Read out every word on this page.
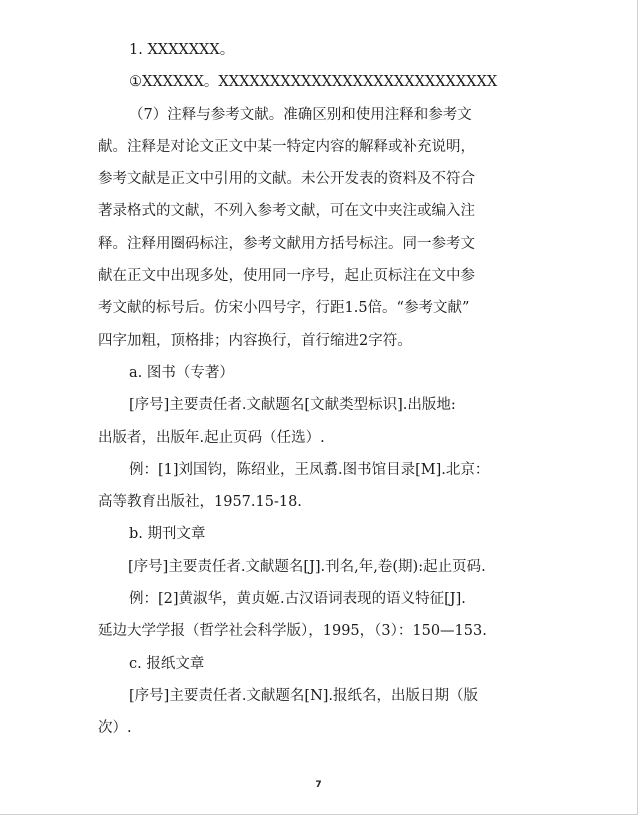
1. XXXXXXX。
①XXXXXX。XXXXXXXXXXXXXXXXXXXXXXXXXXX
（7）注释与参考文献。准确区别和使用注释和参考文
献。注释是对论文正文中某一特定内容的解释或补充说明，
参考文献是正文中引用的文献。未公开发表的资料及不符合
著录格式的文献，不列入参考文献，可在文中夹注或编入注
释。注释用圈码标注，参考文献用方括号标注。同一参考文
献在正文中出现多处，使用同一序号，起止页标注在文中参
考文献的标号后。仿宋小四号字，行距1.5倍。“参考文献”
四字加粗，顶格排；内容换行，首行缩进2字符。
a. 图书（专著）
[序号]主要责任者.文献题名[文献类型标识].出版地:
出版者，出版年.起止页码（任选）.
例：[1]刘国钧，陈绍业，王凤翥.图书馆目录[M].北京：
高等教育出版社，1957.15-18.
b. 期刊文章
[序号]主要责任者.文献题名[J].刊名,年,卷(期):起止页码.
例：[2]黄淑华，黄贞姬.古汉语词表现的语义特征[J].
延边大学学报（哲学社会科学版），1995，（3）：150—153.
c. 报纸文章
[序号]主要责任者.文献题名[N].报纸名，出版日期（版
次）.
7
